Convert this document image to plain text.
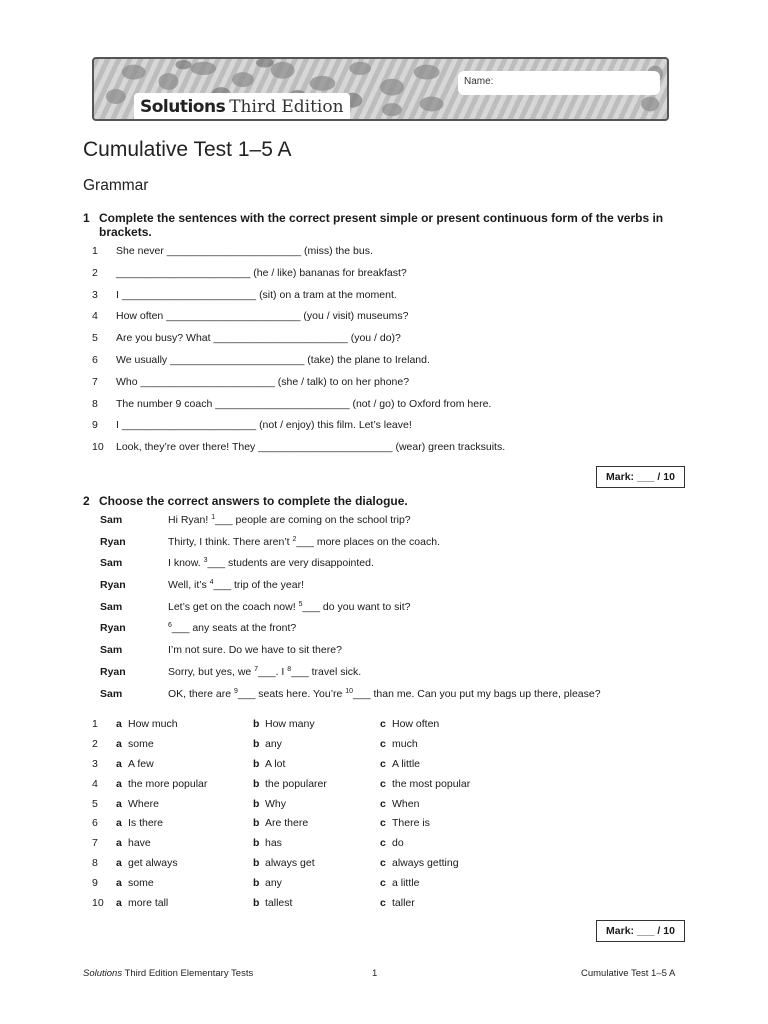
Name:
Solutions Third Edition
Cumulative Test 1–5 A
Grammar
1 Complete the sentences with the correct present simple or present continuous form of the verbs in brackets.
1	She never _______________________ (miss) the bus.
2	_______________________ (he / like) bananas for breakfast?
3	I _______________________ (sit) on a tram at the moment.
4	How often _______________________ (you / visit) museums?
5	Are you busy? What _______________________ (you / do)?
6	We usually _______________________ (take) the plane to Ireland.
7	Who _______________________ (she / talk) to on her phone?
8	The number 9 coach _______________________ (not / go) to Oxford from here.
9	I _______________________ (not / enjoy) this film. Let’s leave!
10	Look, they’re over there! They _______________________ (wear) green tracksuits.
Mark: ___ / 10
2 Choose the correct answers to complete the dialogue.
Sam	Hi Ryan! $^1$___ people are coming on the school trip?
Ryan	Thirty, I think. There aren’t $^2$___ more places on the coach.
Sam	I know. $^3$___ students are very disappointed.
Ryan	Well, it’s $^4$___ trip of the year!
Sam	Let’s get on the coach now! $^5$___ do you want to sit?
Ryan	$^6$___ any seats at the front?
Sam	I’m not sure. Do we have to sit there?
Ryan	Sorry, but yes, we $^7$___. I $^8$___ travel sick.
Sam	OK, there are $^9$___ seats here. You’re $^{10}$___ than me. Can you put my bags up there, please?
1	a How much	b How many	c How often
2	a some	b any	c much
3	a A few	b A lot	c A little
4	a the more popular	b the popularer	c the most popular
5	a Where	b Why	c When
6	a Is there	b Are there	c There is
7	a have	b has	c do
8	a get always	b always get	c always getting
9	a some	b any	c a little
10	a more tall	b tallest	c taller
Mark: ___ / 10
Solutions Third Edition Elementary Tests	1	Cumulative Test 1–5 A
